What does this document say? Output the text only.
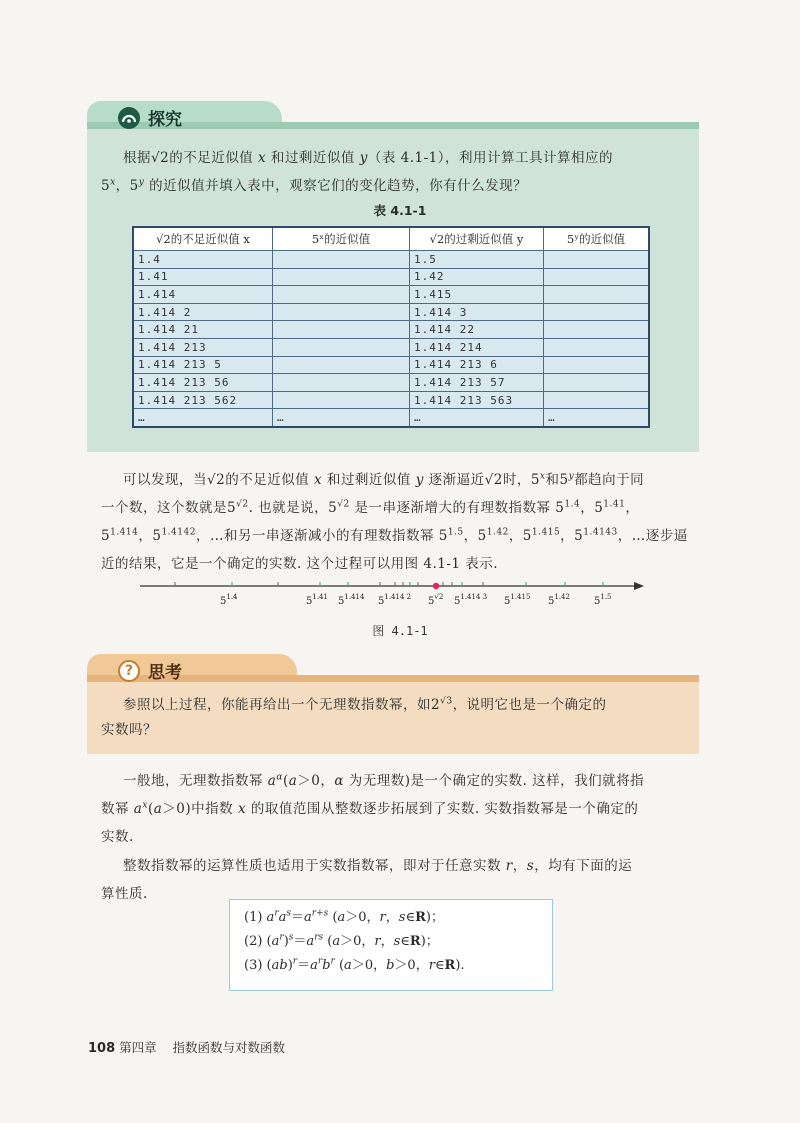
探究
根据√2的不足近似值 x 和过剩近似值 y（表 4.1-1），利用计算工具计算相应的
5$^x$，5$^y$ 的近似值并填入表中，观察它们的变化趋势，你有什么发现？
表 4.1-1
√2的不足近似值 x	5ˣ的近似值	√2的过剩近似值 y	5ʸ的近似值
1.4		1.5	
1.41		1.42	
1.414		1.415	
1.414 2		1.414 3	
1.414 21		1.414 22	
1.414 213		1.414 214	
1.414 213 5		1.414 213 6	
1.414 213 56		1.414 213 57	
1.414 213 562		1.414 213 563	
…	…	…	…
可以发现，当√2的不足近似值 x 和过剩近似值 y 逐渐逼近√2时，5$^x$和5$^y$都趋向于同
一个数，这个数就是$5^{√2}$. 也就是说，$5^{√2}$ 是一串逐渐增大的有理数指数幂 $5^{1.4}$，$5^{1.41}$，
$5^{1.414}$，$5^{1.4142}$，…和另一串逐渐减小的有理数指数幂 $5^{1.5}$，$5^{1.42}$，$5^{1.415}$，$5^{1.4143}$，…逐步逼
近的结果，它是一个确定的实数. 这个过程可以用图 4.1-1 表示.
$5^{1.4}$	$5^{1.41}$ $5^{1.414}$ $5^{1.414 2}$ $5^{√2}$ $5^{1.414 3}$ $5^{1.415}$ $5^{1.42}$ $5^{1.5}$
图 4.1-1
? 思考
参照以上过程，你能再给出一个无理数指数幂，如$2^{√3}$，说明它也是一个确定的
实数吗？
一般地，无理数指数幂 $a^\alpha(a>0$，α 为无理数)是一个确定的实数. 这样，我们就将指
数幂 $a^x(a>0)$中指数 x 的取值范围从整数逐步拓展到了实数. 实数指数幂是一个确定的
实数.
整数指数幂的运算性质也适用于实数指数幂，即对于任意实数 r，s，均有下面的运
算性质.
(1) $a^ra^s=a^{r+s}$ (a＞0，r，s∈R)；
(2) $(a^r)^s=a^{rs}$ (a＞0，r，s∈R)；
(3) $(ab)^r=a^rb^r$ (a＞0，b＞0，r∈R).
108 第四章 指数函数与对数函数
